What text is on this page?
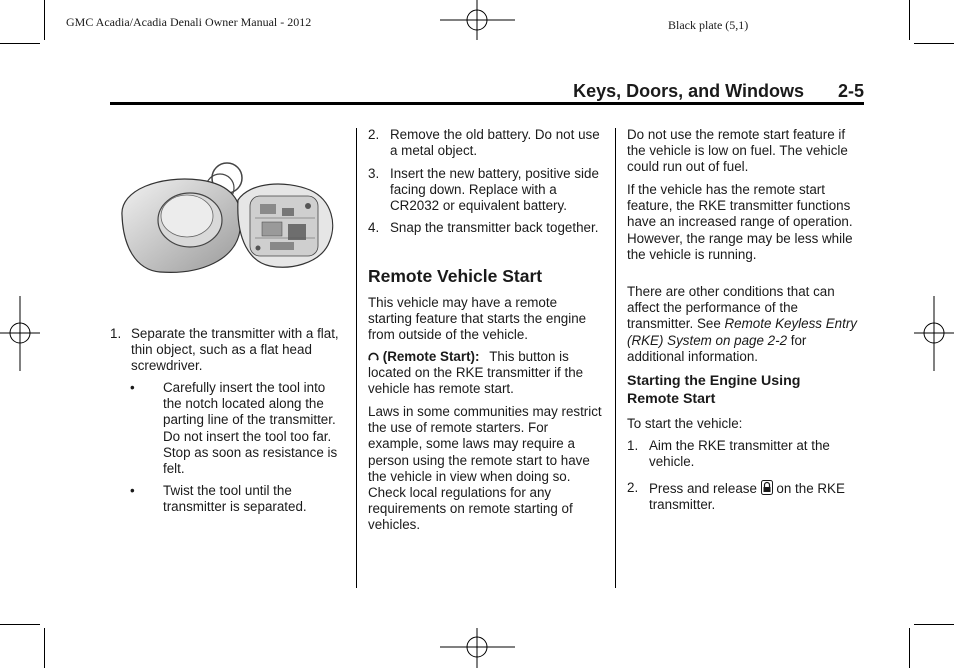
GMC Acadia/Acadia Denali Owner Manual - 2012	Black plate (5,1)
Keys, Doors, and Windows 2-5
1. Separate the transmitter with a flat, thin object, such as a flat head screwdriver.

• Carefully insert the tool into the notch located along the parting line of the transmitter. Do not insert the tool too far. Stop as soon as resistance is felt.

• Twist the tool until the transmitter is separated.

2. Remove the old battery. Do not use a metal object.

3. Insert the new battery, positive side facing down. Replace with a CR2032 or equivalent battery.

4. Snap the transmitter back together.

Remote Vehicle Start

This vehicle may have a remote starting feature that starts the engine from outside of the vehicle.

(Remote Start): This button is located on the RKE transmitter if the vehicle has remote start.

Laws in some communities may restrict the use of remote starters. For example, some laws may require a person using the remote start to have the vehicle in view when doing so. Check local regulations for any requirements on remote starting of vehicles.

Do not use the remote start feature if the vehicle is low on fuel. The vehicle could run out of fuel.

If the vehicle has the remote start feature, the RKE transmitter functions have an increased range of operation. However, the range may be less while the vehicle is running.

There are other conditions that can affect the performance of the transmitter. See Remote Keyless Entry (RKE) System on page 2-2 for additional information.

Starting the Engine Using Remote Start

To start the vehicle:

1. Aim the RKE transmitter at the vehicle.

2. Press and release on the RKE transmitter.
